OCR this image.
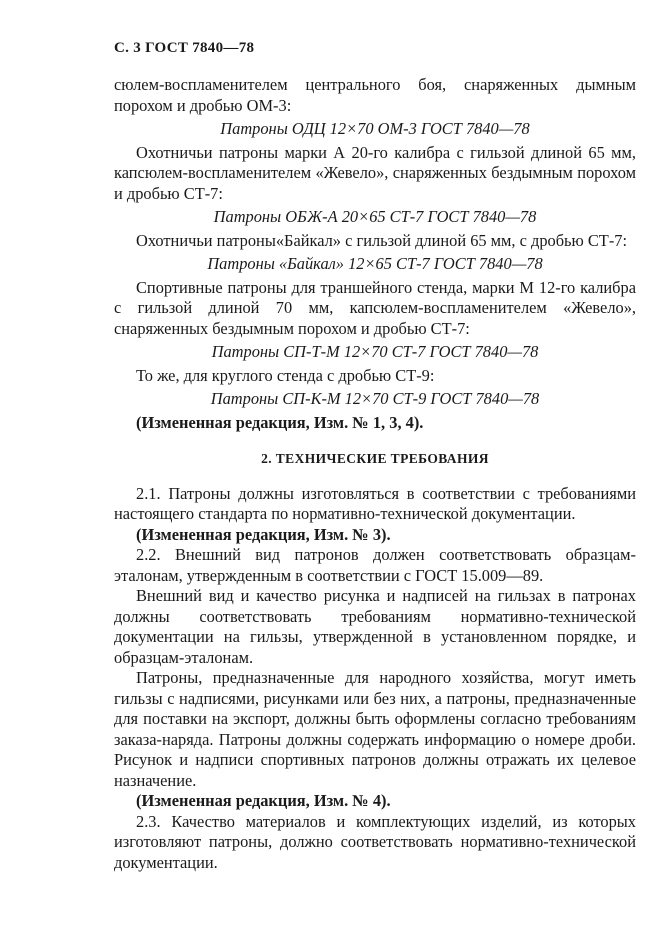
С. 3 ГОСТ 7840—78

сюлем-воспламенителем центрального боя, снаряженных дымным порохом и дробью ОМ-3:

Патроны ОДЦ 12×70 ОМ-3 ГОСТ 7840—78

Охотничьи патроны марки А 20-го калибра с гильзой длиной 65 мм, капсюлем-воспламенителем «Жевело», снаряженных бездымным порохом и дробью СТ-7:

Патроны ОБЖ-А 20×65 СТ-7 ГОСТ 7840—78

Охотничьи патроны«Байкал» с гильзой длиной 65 мм, с дробью СТ-7:

Патроны «Байкал» 12×65 СТ-7 ГОСТ 7840—78

Спортивные патроны для траншейного стенда, марки М 12-го калибра с гильзой длиной 70 мм, капсюлем-воспламенителем «Жевело», снаряженных бездымным порохом и дробью СТ-7:

Патроны СП-Т-М 12×70 СТ-7 ГОСТ 7840—78

То же, для круглого стенда с дробью СТ-9:

Патроны СП-К-М 12×70 СТ-9 ГОСТ 7840—78

(Измененная редакция, Изм. № 1, 3, 4).

2. ТЕХНИЧЕСКИЕ ТРЕБОВАНИЯ

2.1. Патроны должны изготовляться в соответствии с требованиями настоящего стандарта по нормативно-технической документации.

(Измененная редакция, Изм. № 3).

2.2. Внешний вид патронов должен соответствовать образцам-эталонам, утвержденным в соответствии с ГОСТ 15.009—89.

Внешний вид и качество рисунка и надписей на гильзах в патронах должны соответствовать требованиям нормативно-технической документации на гильзы, утвержденной в установленном порядке, и образцам-эталонам.

Патроны, предназначенные для народного хозяйства, могут иметь гильзы с надписями, рисунками или без них, а патроны, предназначенные для поставки на экспорт, должны быть оформлены согласно требованиям заказа-наряда. Патроны должны содержать информацию о номере дроби. Рисунок и надписи спортивных патронов должны отражать их целевое назначение.

(Измененная редакция, Изм. № 4).

2.3. Качество материалов и комплектующих изделий, из которых изготовляют патроны, должно соответствовать нормативно-технической документации.
